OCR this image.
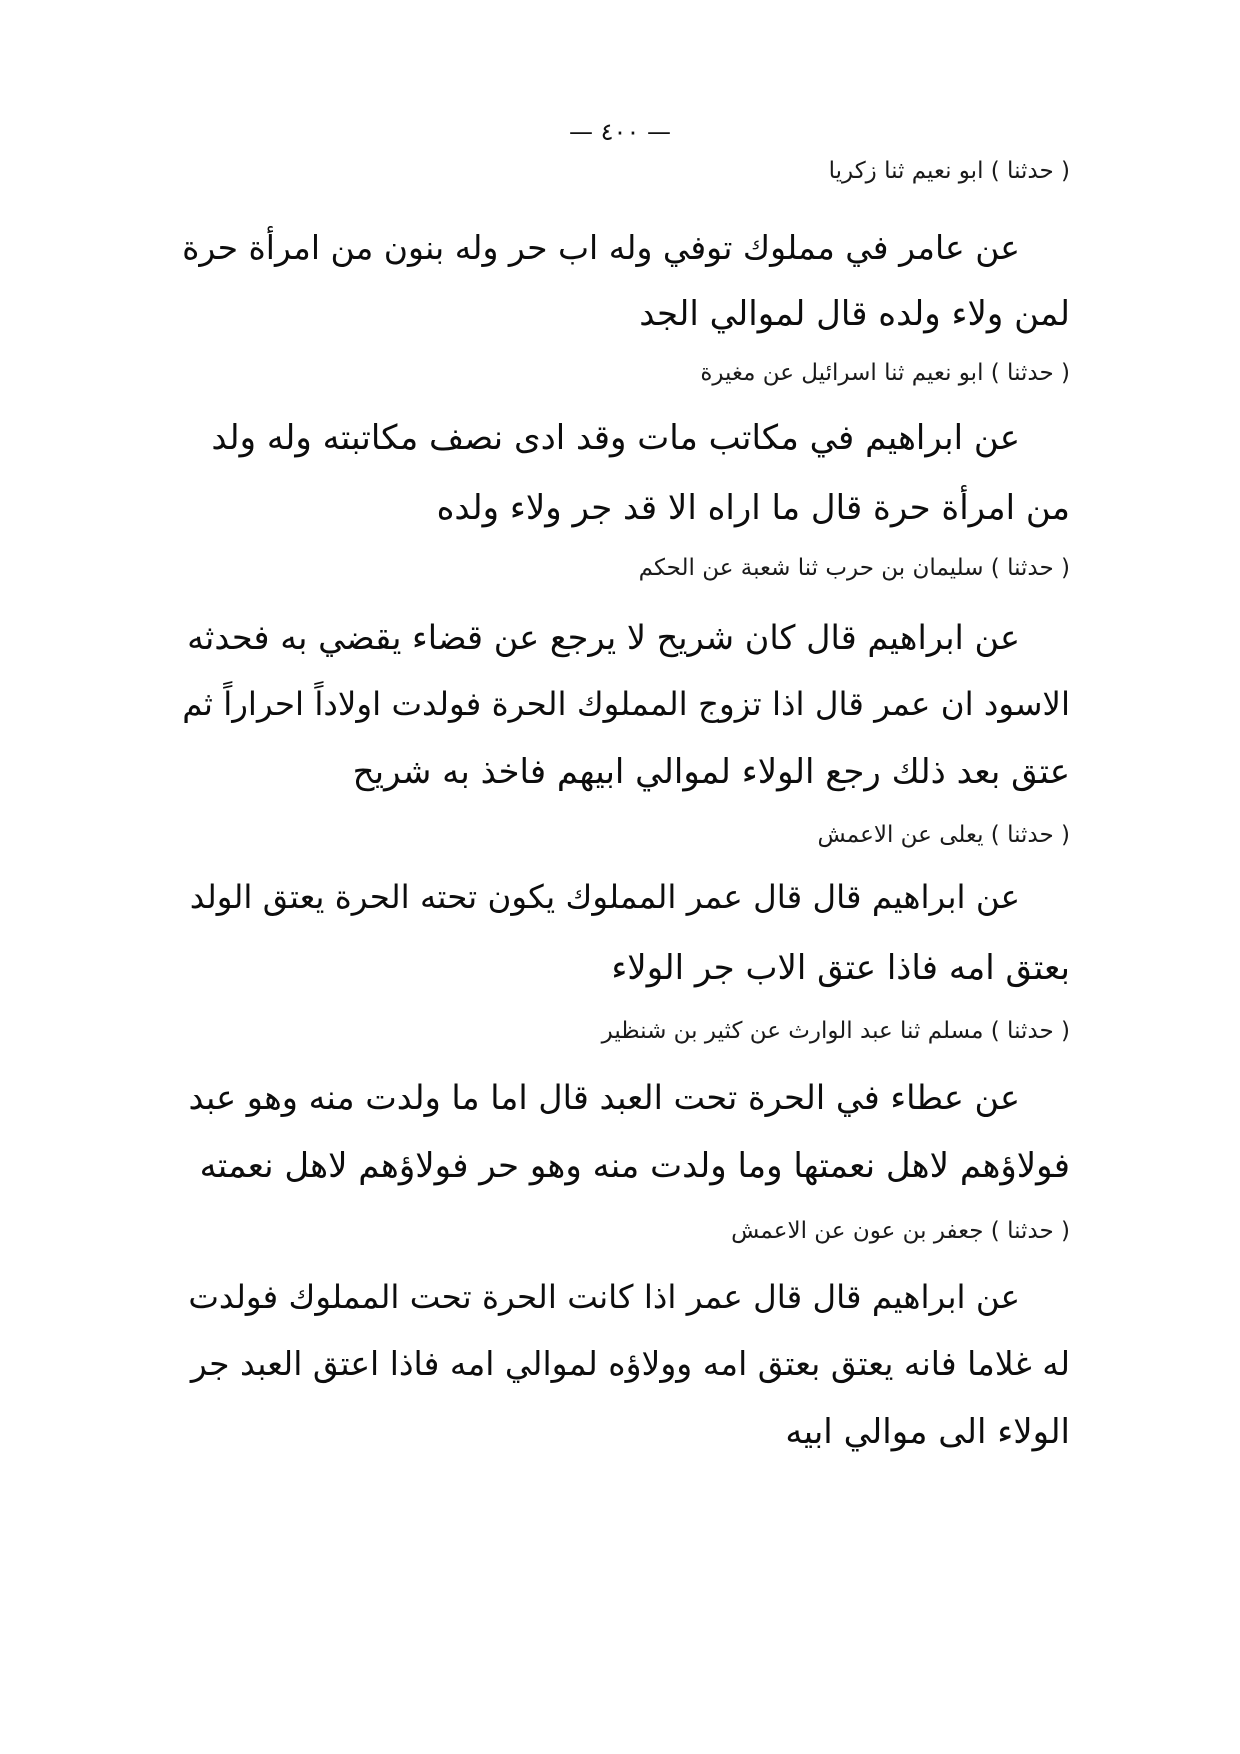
— ٤٠٠ —
( حدثنا ) ابو نعيم ثنا زكريا
عن عامر في مملوك توفي وله اب حر وله بنون من امرأة حرة
لمن ولاء ولده قال لموالي الجد
( حدثنا ) ابو نعيم ثنا اسرائيل عن مغيرة
عن ابراهيم في مكاتب مات وقد ادى نصف مكاتبته وله ولد
من امرأة حرة قال ما اراه الا قد جر ولاء ولده
( حدثنا ) سليمان بن حرب ثنا شعبة عن الحكم
عن ابراهيم قال كان شريح لا يرجع عن قضاء يقضي به فحدثه
الاسود ان عمر قال اذا تزوج المملوك الحرة فولدت اولاداً احراراً ثم
عتق بعد ذلك رجع الولاء لموالي ابيهم فاخذ به شريح
( حدثنا ) يعلى عن الاعمش
عن ابراهيم قال قال عمر المملوك يكون تحته الحرة يعتق الولد
بعتق امه فاذا عتق الاب جر الولاء
( حدثنا ) مسلم ثنا عبد الوارث عن كثير بن شنظير
عن عطاء في الحرة تحت العبد قال اما ما ولدت منه وهو عبد
فولاؤهم لاهل نعمتها وما ولدت منه وهو حر فولاؤهم لاهل نعمته
( حدثنا ) جعفر بن عون عن الاعمش
عن ابراهيم قال قال عمر اذا كانت الحرة تحت المملوك فولدت
له غلاما فانه يعتق بعتق امه وولاؤه لموالي امه فاذا اعتق العبد جر
الولاء الى موالي ابيه
